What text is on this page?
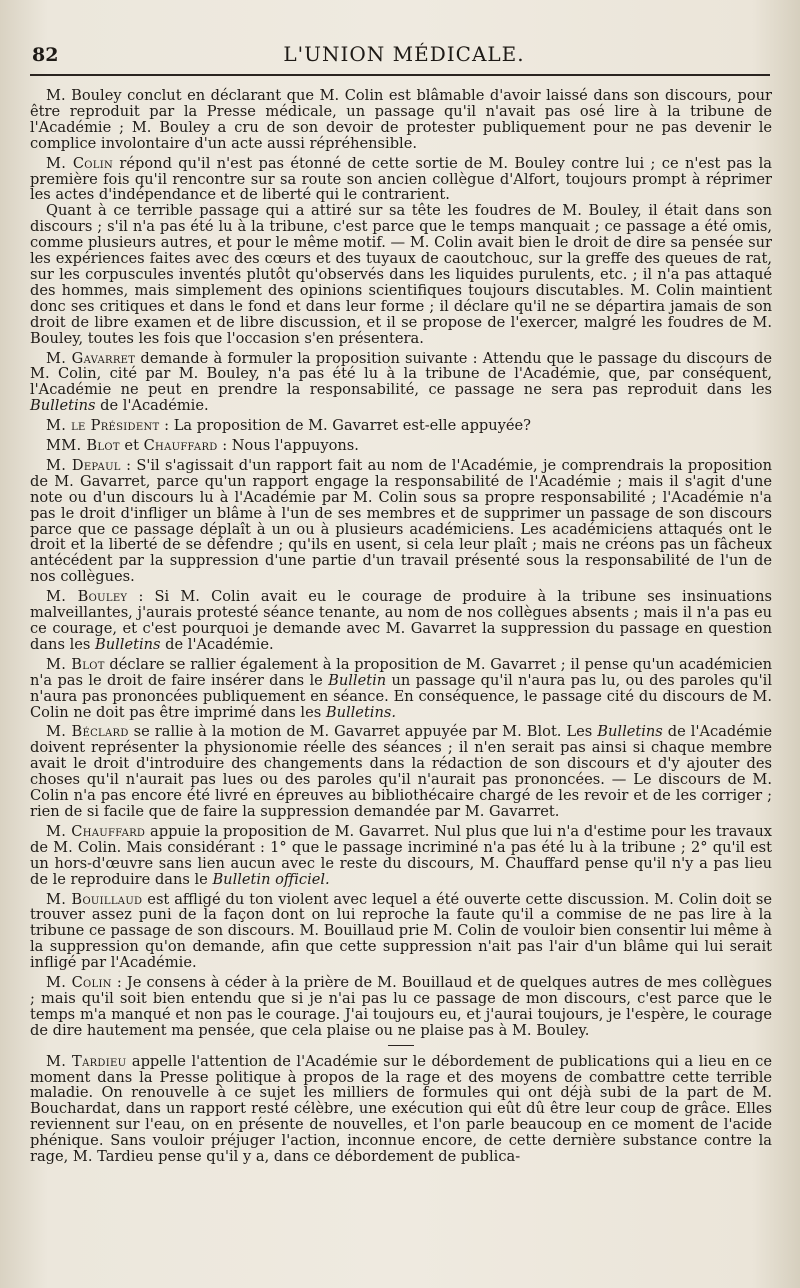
82	L'UNION MÉDICALE.

M. Bouley conclut en déclarant que M. Colin est blâmable d'avoir laissé dans son discours, pour être reproduit par la Presse médicale, un passage qu'il n'avait pas osé lire à la tribune de l'Académie ; M. Bouley a cru de son devoir de protester publiquement pour ne pas devenir le complice involontaire d'un acte aussi répréhensible.

M. Colin répond qu'il n'est pas étonné de cette sortie de M. Bouley contre lui ; ce n'est pas la première fois qu'il rencontre sur sa route son ancien collègue d'Alfort, toujours prompt à réprimer les actes d'indépendance et de liberté qui le contrarient.

Quant à ce terrible passage qui a attiré sur sa tête les foudres de M. Bouley, il était dans son discours ; s'il n'a pas été lu à la tribune, c'est parce que le temps manquait ; ce passage a été omis, comme plusieurs autres, et pour le même motif. — M. Colin avait bien le droit de dire sa pensée sur les expériences faites avec des cœurs et des tuyaux de caoutchouc, sur la greffe des queues de rat, sur les corpuscules inventés plutôt qu'observés dans les liquides purulents, etc. ; il n'a pas attaqué des hommes, mais simplement des opinions scientifiques toujours discutables. M. Colin maintient donc ses critiques et dans le fond et dans leur forme ; il déclare qu'il ne se départira jamais de son droit de libre examen et de libre discussion, et il se propose de l'exercer, malgré les foudres de M. Bouley, toutes les fois que l'occasion s'en présentera.

M. Gavarret demande à formuler la proposition suivante : Attendu que le passage du discours de M. Colin, cité par M. Bouley, n'a pas été lu à la tribune de l'Académie, que, par conséquent, l'Académie ne peut en prendre la responsabilité, ce passage ne sera pas reproduit dans les Bulletins de l'Académie.

M. le Président : La proposition de M. Gavarret est-elle appuyée?

MM. Blot et Chauffard : Nous l'appuyons.

M. Depaul : S'il s'agissait d'un rapport fait au nom de l'Académie, je comprendrais la proposition de M. Gavarret, parce qu'un rapport engage la responsabilité de l'Académie ; mais il s'agit d'une note ou d'un discours lu à l'Académie par M. Colin sous sa propre responsabilité ; l'Académie n'a pas le droit d'infliger un blâme à l'un de ses membres et de supprimer un passage de son discours parce que ce passage déplaît à un ou à plusieurs académiciens. Les académiciens attaqués ont le droit et la liberté de se défendre ; qu'ils en usent, si cela leur plaît ; mais ne créons pas un fâcheux antécédent par la suppression d'une partie d'un travail présenté sous la responsabilité de l'un de nos collègues.

M. Bouley : Si M. Colin avait eu le courage de produire à la tribune ses insinuations malveillantes, j'aurais protesté séance tenante, au nom de nos collègues absents ; mais il n'a pas eu ce courage, et c'est pourquoi je demande avec M. Gavarret la suppression du passage en question dans les Bulletins de l'Académie.

M. Blot déclare se rallier également à la proposition de M. Gavarret ; il pense qu'un académicien n'a pas le droit de faire insérer dans le Bulletin un passage qu'il n'aura pas lu, ou des paroles qu'il n'aura pas prononcées publiquement en séance. En conséquence, le passage cité du discours de M. Colin ne doit pas être imprimé dans les Bulletins.

M. Béclard se rallie à la motion de M. Gavarret appuyée par M. Blot. Les Bulletins de l'Académie doivent représenter la physionomie réelle des séances ; il n'en serait pas ainsi si chaque membre avait le droit d'introduire des changements dans la rédaction de son discours et d'y ajouter des choses qu'il n'aurait pas lues ou des paroles qu'il n'aurait pas prononcées. — Le discours de M. Colin n'a pas encore été livré en épreuves au bibliothécaire chargé de les revoir et de les corriger ; rien de si facile que de faire la suppression demandée par M. Gavarret.

M. Chauffard appuie la proposition de M. Gavarret. Nul plus que lui n'a d'estime pour les travaux de M. Colin. Mais considérant : 1° que le passage incriminé n'a pas été lu à la tribune ; 2° qu'il est un hors-d'œuvre sans lien aucun avec le reste du discours, M. Chauffard pense qu'il n'y a pas lieu de le reproduire dans le Bulletin officiel.

M. Bouillaud est affligé du ton violent avec lequel a été ouverte cette discussion. M. Colin doit se trouver assez puni de la façon dont on lui reproche la faute qu'il a commise de ne pas lire à la tribune ce passage de son discours. M. Bouillaud prie M. Colin de vouloir bien consentir lui même à la suppression qu'on demande, afin que cette suppression n'ait pas l'air d'un blâme qui lui serait infligé par l'Académie.

M. Colin : Je consens à céder à la prière de M. Bouillaud et de quelques autres de mes collègues ; mais qu'il soit bien entendu que si je n'ai pas lu ce passage de mon discours, c'est parce que le temps m'a manqué et non pas le courage. J'ai toujours eu, et j'aurai toujours, je l'espère, le courage de dire hautement ma pensée, que cela plaise ou ne plaise pas à M. Bouley.

M. Tardieu appelle l'attention de l'Académie sur le débordement de publications qui a lieu en ce moment dans la Presse politique à propos de la rage et des moyens de combattre cette terrible maladie. On renouvelle à ce sujet les milliers de formules qui ont déjà subi de la part de M. Bouchardat, dans un rapport resté célèbre, une exécution qui eût dû être leur coup de grâce. Elles reviennent sur l'eau, on en présente de nouvelles, et l'on parle beaucoup en ce moment de l'acide phénique. Sans vouloir préjuger l'action, inconnue encore, de cette dernière substance contre la rage, M. Tardieu pense qu'il y a, dans ce débordement de publica-
